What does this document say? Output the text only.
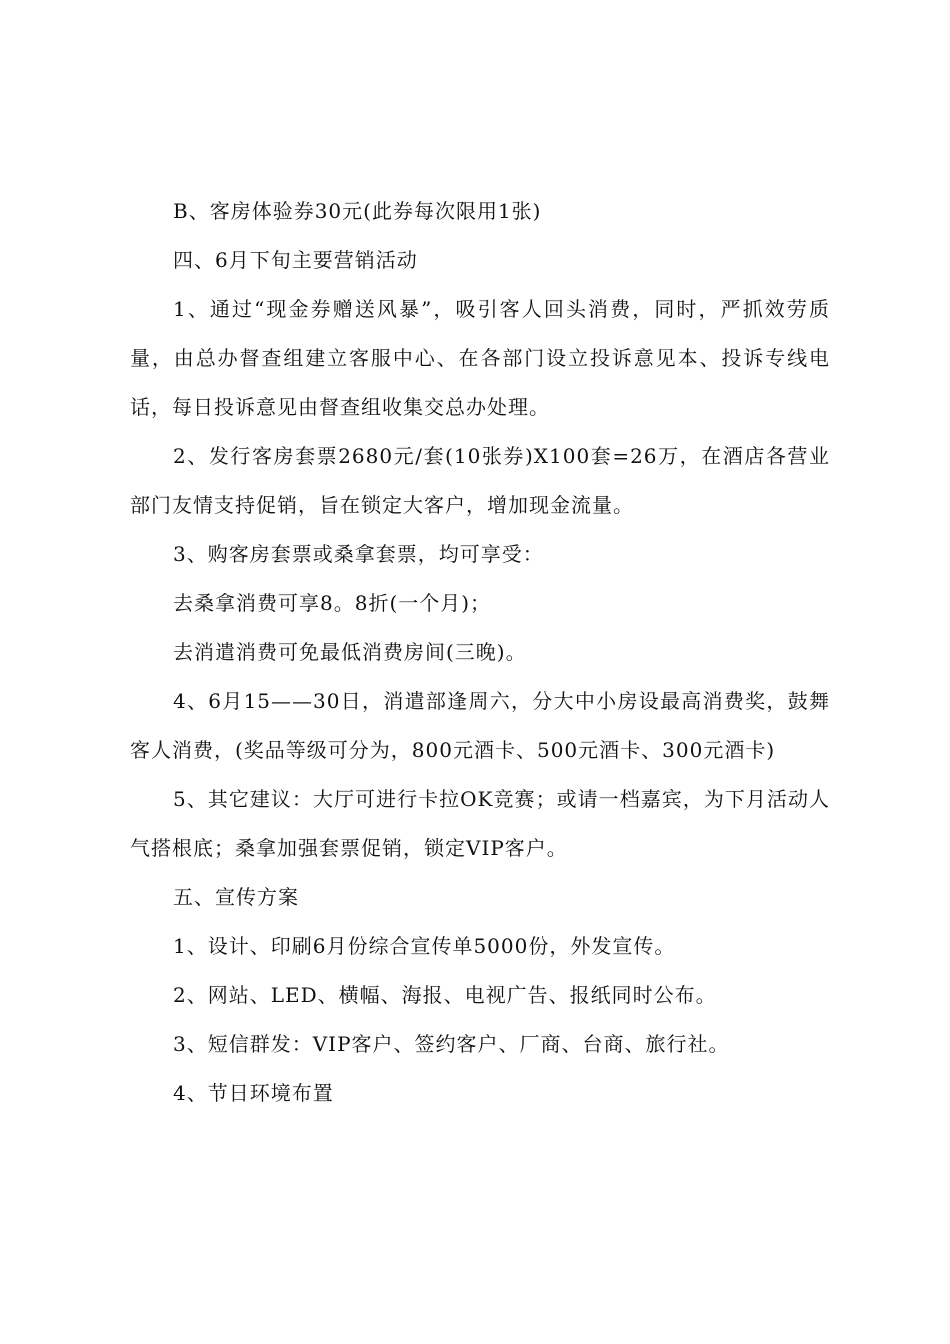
B、客房体验券30元(此券每次限用1张)

四、6月下旬主要营销活动

1、通过“现金券赠送风暴”，吸引客人回头消费，同时，严抓效劳质量，由总办督查组建立客服中心、在各部门设立投诉意见本、投诉专线电话，每日投诉意见由督查组收集交总办处理。

2、发行客房套票2680元/套(10张券)X100套=26万，在酒店各营业部门友情支持促销，旨在锁定大客户，增加现金流量。

3、购客房套票或桑拿套票，均可享受：

去桑拿消费可享8。8折(一个月)；

去消遣消费可免最低消费房间(三晚)。

4、6月15——30日，消遣部逢周六，分大中小房设最高消费奖，鼓舞客人消费，(奖品等级可分为，800元酒卡、500元酒卡、300元酒卡)

5、其它建议：大厅可进行卡拉OK竞赛；或请一档嘉宾，为下月活动人气搭根底；桑拿加强套票促销，锁定VIP客户。

五、宣传方案

1、设计、印刷6月份综合宣传单5000份，外发宣传。

2、网站、LED、横幅、海报、电视广告、报纸同时公布。

3、短信群发：VIP客户、签约客户、厂商、台商、旅行社。

4、节日环境布置
